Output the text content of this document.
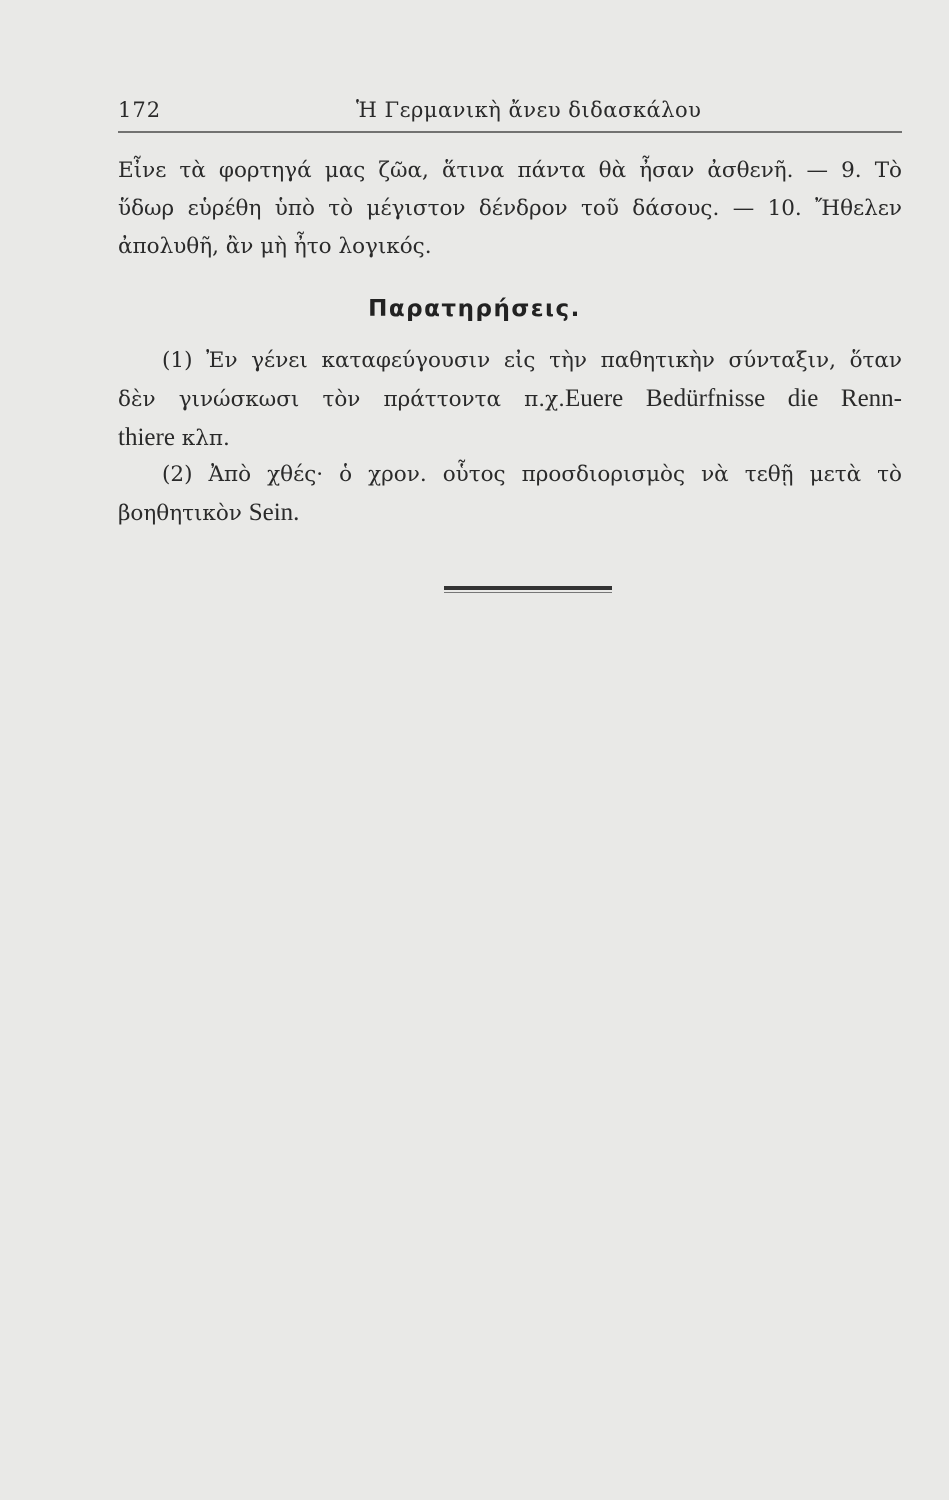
172	Ἡ Γερμανικὴ ἄνευ διδασκάλου
Εἶνε τὰ φορτηγά μας ζῶα, ἅτινα πάντα θὰ ἦσαν ἀσθενῆ. — 9. Τὸ
ὕδωρ εὑρέθη ὑπὸ τὸ μέγιστον δένδρον τοῦ δάσους. — 10. Ἤθελεν
ἀπολυθῆ, ἂν μὴ ἦτο λογικός.
Παρατηρήσεις.
(1) Ἐν γένει καταφεύγουσιν εἰς τὴν παθητικὴν σύνταξιν, ὅταν
δὲν γινώσκωσι τὸν πράττοντα π.χ.Euere Bedürfnisse die Renn-
thiere κλπ.
(2) Ἀπὸ χθές· ὁ χρον. οὗτος προσδιορισμὸς νὰ τεθῇ μετὰ τὸ
βοηθητικὸν Sein.
